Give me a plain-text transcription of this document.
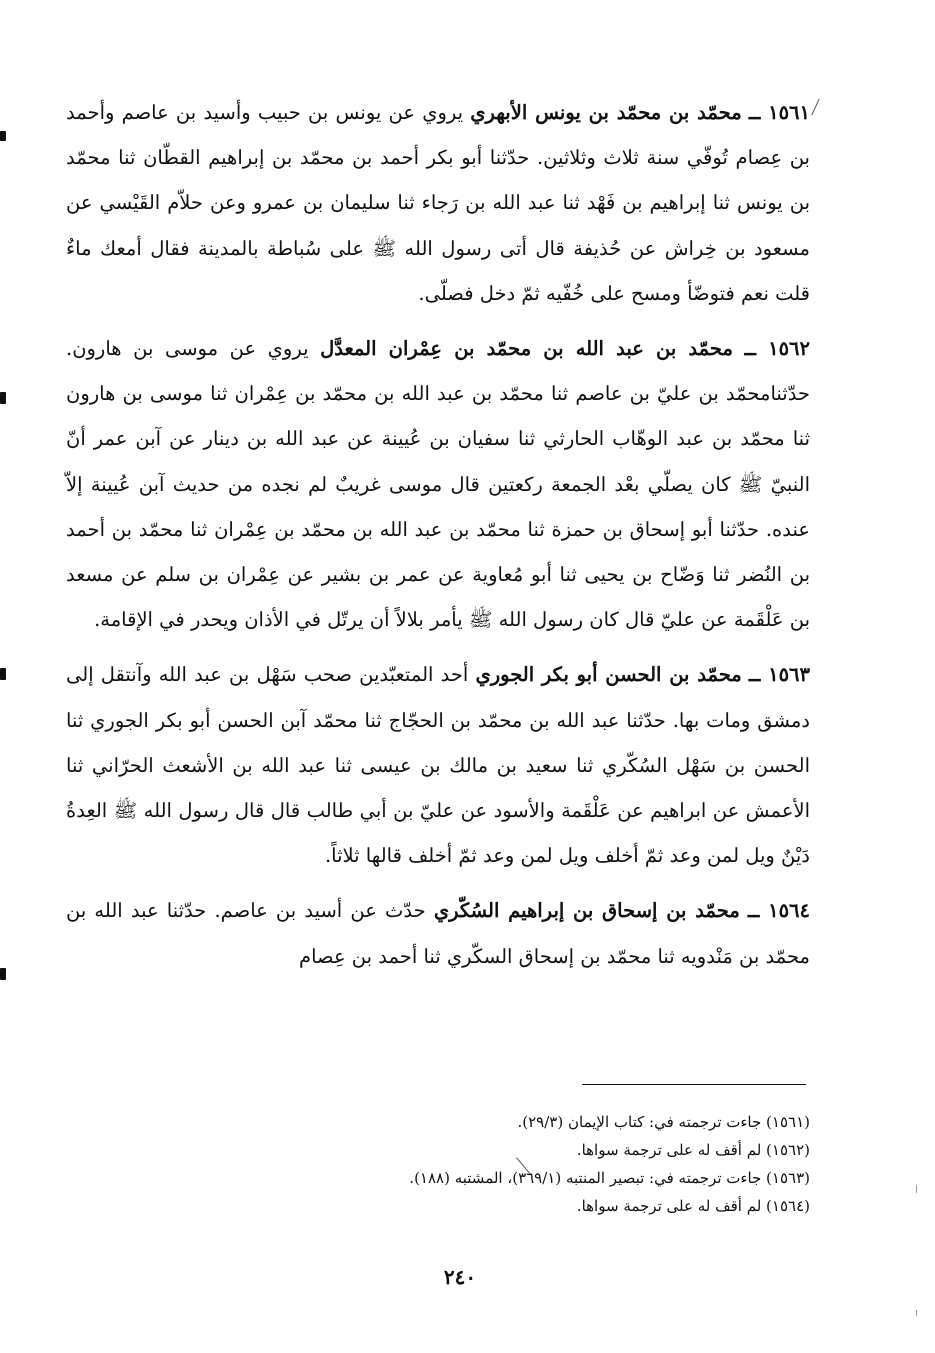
١٥٦١ ــ محمّد بن محمّد بن يونس الأبهري يروي عن يونس بن حبيب وأسيد بن عاصم وأحمد بن عِصام تُوفّي سنة ثلاث وثلاثين. حدّثنا أبو بكر أحمد بن محمّد بن إبراهيم القطّان ثنا محمّد بن يونس ثنا إبراهيم بن فَهْد ثنا عبد الله بن رَجاء ثنا سليمان بن عمرو وعن حلاّم القَيْسي عن مسعود بن خِراش عن حُذيفة قال أتى رسول الله ﷺ على سُباطة بالمدينة فقال أمعك ماءٌ قلت نعم فتوضّأ ومسح على خُفّيه ثمّ دخل فصلّى.

١٥٦٢ ــ محمّد بن عبد الله بن محمّد بن عِمْران المعدَّل يروي عن موسى بن هارون. حدّثنامحمّد بن عليّ بن عاصم ثنا محمّد بن عبد الله بن محمّد بن عِمْران ثنا موسى بن هارون ثنا محمّد بن عبد الوهّاب الحارثي ثنا سفيان بن عُيينة عن عبد الله بن دينار عن آبن عمر أنّ النبيّ ﷺ كان يصلّي بعْد الجمعة ركعتين قال موسى غريبٌ لم نجده من حديث آبن عُيينة إلاّ عنده. حدّثنا أبو إسحاق بن حمزة ثنا محمّد بن عبد الله بن محمّد بن عِمْران ثنا محمّد بن أحمد بن النُضر ثنا وَضّاح بن يحيى ثنا أبو مُعاوية عن عمر بن بشير عن عِمْران بن سلم عن مسعد بن عَلْقَمة عن عليّ قال كان رسول الله ﷺ يأمر بلالاً أن يرتّل في الأذان ويحدر في الإقامة.

١٥٦٣ ــ محمّد بن الحسن أبو بكر الجوري أحد المتعبّدين صحب سَهْل بن عبد الله وآنتقل إلى دمشق ومات بها. حدّثنا عبد الله بن محمّد بن الحجّاج ثنا محمّد آبن الحسن أبو بكر الجوري ثنا الحسن بن سَهْل السُكّري ثنا سعيد بن مالك بن عيسى ثنا عبد الله بن الأشعث الحرّاني ثنا الأعمش عن ابراهيم عن عَلْقَمة والأسود عن عليّ بن أبي طالب قال قال رسول الله ﷺ العِدةُ دَيْنٌ ويل لمن وعد ثمّ أخلف ويل لمن وعد ثمّ أخلف قالها ثلاثاً.

١٥٦٤ ــ محمّد بن إسحاق بن إبراهيم السُكّري حدّث عن أسيد بن عاصم. حدّثنا عبد الله بن محمّد بن مَنْدويه ثنا محمّد بن إسحاق السكّري ثنا أحمد بن عِصام

(١٥٦١) جاءت ترجمته في: كتاب الإيمان (٢٩/٣).

(١٥٦٢) لم أقف له على ترجمة سواها.

(١٥٦٣) جاءت ترجمته في: تبصير المنتبه (٣٦٩/١)، المشتبه (١٨٨).

(١٥٦٤) لم أقف له على ترجمة سواها.

٢٤٠
